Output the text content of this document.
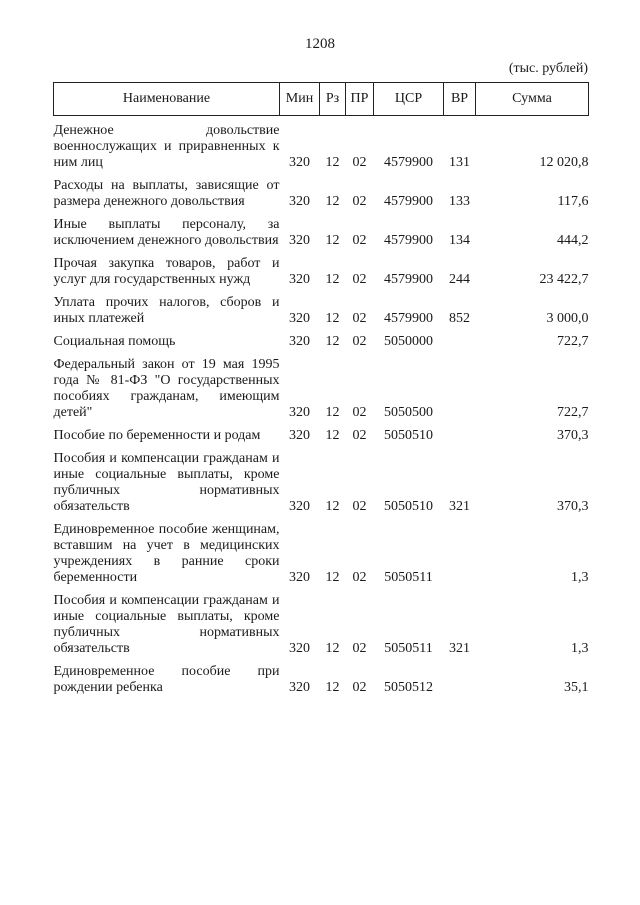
1208
(тыс. рублей)
Наименование	Мин	Рз	ПР	ЦСР	ВР	Сумма
Денежное довольствие военнослужащих и приравненных к ним лиц	320	12	02	4579900	131	12 020,8
Расходы на выплаты, зависящие от размера денежного довольствия	320	12	02	4579900	133	117,6
Иные выплаты персоналу, за исключением денежного довольствия	320	12	02	4579900	134	444,2
Прочая закупка товаров, работ и услуг для государственных нужд	320	12	02	4579900	244	23 422,7
Уплата прочих налогов, сборов и иных платежей	320	12	02	4579900	852	3 000,0
Социальная помощь	320	12	02	5050000		722,7
Федеральный закон от 19 мая 1995 года № 81-ФЗ "О государственных пособиях гражданам, имеющим детей"	320	12	02	5050500		722,7
Пособие по беременности и родам	320	12	02	5050510		370,3
Пособия и компенсации гражданам и иные социальные выплаты, кроме публичных нормативных обязательств	320	12	02	5050510	321	370,3
Единовременное пособие женщинам, вставшим на учет в медицинских учреждениях в ранние сроки беременности	320	12	02	5050511		1,3
Пособия и компенсации гражданам и иные социальные выплаты, кроме публичных нормативных обязательств	320	12	02	5050511	321	1,3
Единовременное пособие при рождении ребенка	320	12	02	5050512		35,1
